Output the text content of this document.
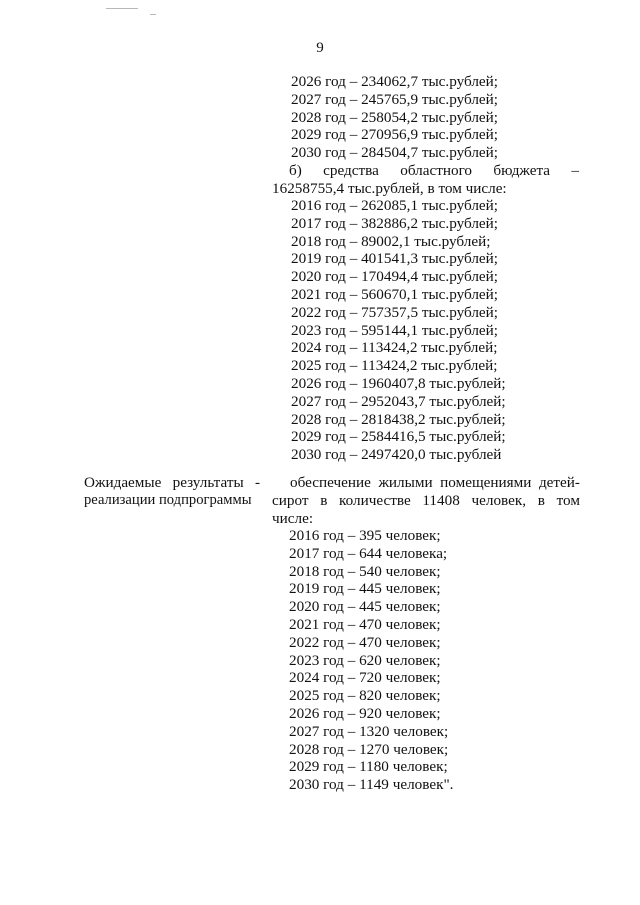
9
2026 год – 234062,7 тыс.рублей;
2027 год – 245765,9 тыс.рублей;
2028 год – 258054,2 тыс.рублей;
2029 год – 270956,9 тыс.рублей;
2030 год – 284504,7 тыс.рублей;
б) средства областного бюджета –
16258755,4 тыс.рублей, в том числе:
2016 год – 262085,1 тыс.рублей;
2017 год – 382886,2 тыс.рублей;
2018 год – 89002,1 тыс.рублей;
2019 год – 401541,3 тыс.рублей;
2020 год – 170494,4 тыс.рублей;
2021 год – 560670,1 тыс.рублей;
2022 год – 757357,5 тыс.рублей;
2023 год – 595144,1 тыс.рублей;
2024 год – 113424,2 тыс.рублей;
2025 год – 113424,2 тыс.рублей;
2026 год – 1960407,8 тыс.рублей;
2027 год – 2952043,7 тыс.рублей;
2028 год – 2818438,2 тыс.рублей;
2029 год – 2584416,5 тыс.рублей;
2030 год – 2497420,0 тыс.рублей
Ожидаемые результаты -
реализации подпрограммы
обеспечение жилыми помещениями детей-
сирот в количестве 11408 человек, в том
числе:
2016 год – 395 человек;
2017 год – 644 человека;
2018 год – 540 человек;
2019 год – 445 человек;
2020 год – 445 человек;
2021 год – 470 человек;
2022 год – 470 человек;
2023 год – 620 человек;
2024 год – 720 человек;
2025 год – 820 человек;
2026 год – 920 человек;
2027 год – 1320 человек;
2028 год – 1270 человек;
2029 год – 1180 человек;
2030 год – 1149 человек".
